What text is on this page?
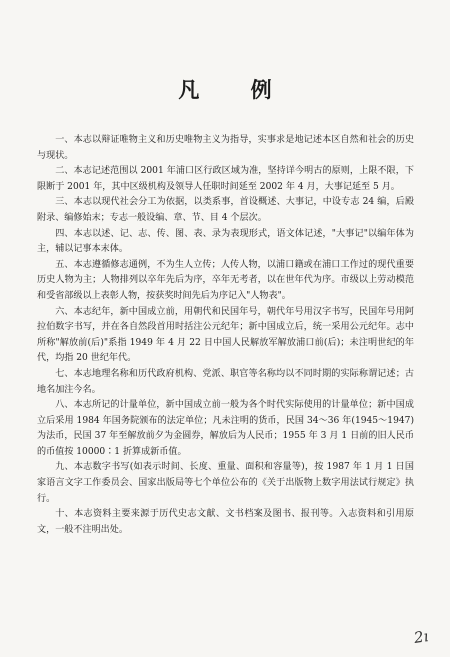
凡 例

一、本志以辩证唯物主义和历史唯物主义为指导，实事求是地记述本区自然和社会的历史与现状。

二、本志记述范围以 2001 年浦口区行政区域为准，坚持详今明古的原则，上限不限，下限断于 2001 年，其中区级机构及领导人任职时间延至 2002 年 4 月，大事记延至 5 月。

三、本志以现代社会分工为依据，以类系事，首设概述、大事记，中设专志 24 编，后殿附录、编修始末；专志一般设编、章、节、目 4 个层次。

四、本志以述、记、志、传、图、表、录为表现形式，语文体记述，"大事记"以编年体为主，辅以记事本末体。

五、本志遵循修志通例，不为生人立传；人传人物，以浦口籍或在浦口工作过的现代重要历史人物为主；人物排列以卒年先后为序，卒年无考者，以在世年代为序。市级以上劳动模范和受省部级以上表彰人物，按获奖时间先后为序记入"人物表"。

六、本志纪年，新中国成立前，用朝代和民国年号，朝代年号用汉字书写，民国年号用阿拉伯数字书写，并在各自然段首用时括注公元纪年；新中国成立后，统一采用公元纪年。志中所称"解放前(后)"系指 1949 年 4 月 22 日中国人民解放军解放浦口前(后)；未注明世纪的年代，均指 20 世纪年代。

七、本志地理名称和历代政府机构、党派、职官等名称均以不同时期的实际称谓记述；古地名加注今名。

八、本志所记的计量单位，新中国成立前一般为各个时代实际使用的计量单位；新中国成立后采用 1984 年国务院颁布的法定单位；凡未注明的货币，民国 34～36 年(1945～1947)为法币，民国 37 年至解放前夕为金圆券，解放后为人民币；1955 年 3 月 1 日前的旧人民币的币值按 10000∶1 折算成新币值。

九、本志数字书写(如表示时间、长度、重量、面积和容量等)，按 1987 年 1 月 1 日国家语言文字工作委员会、国家出版局等七个单位公布的《关于出版物上数字用法试行规定》执行。

十、本志资料主要来源于历代史志文献、文书档案及图书、报刊等。入志资料和引用原文，一般不注明出处。

2ı
